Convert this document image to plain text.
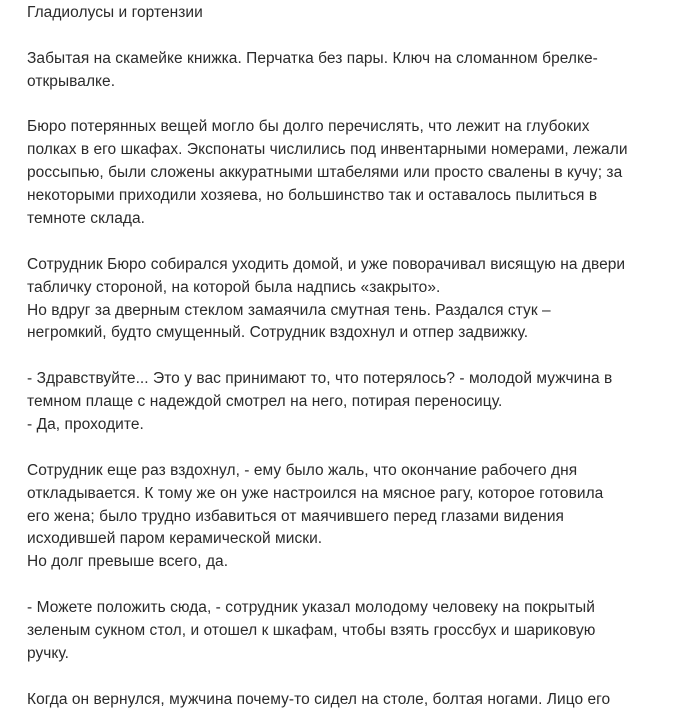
Гладиолусы и гортензии
Забытая на скамейке книжка. Перчатка без пары. Ключ на сломанном брелке-
открывалке.
Бюро потерянных вещей могло бы долго перечислять, что лежит на глубоких
полках в его шкафах. Экспонаты числились под инвентарными номерами, лежали
россыпью, были сложены аккуратными штабелями или просто свалены в кучу; за
некоторыми приходили хозяева, но большинство так и оставалось пылиться в
темноте склада.
Сотрудник Бюро собирался уходить домой, и уже поворачивал висящую на двери
табличку стороной, на которой была надпись «закрыто».
Но вдруг за дверным стеклом замаячила смутная тень. Раздался стук –
негромкий, будто смущенный. Сотрудник вздохнул и отпер задвижку.
- Здравствуйте... Это у вас принимают то, что потерялось? - молодой мужчина в
темном плаще с надеждой смотрел на него, потирая переносицу.
- Да, проходите.
Сотрудник еще раз вздохнул, - ему было жаль, что окончание рабочего дня
откладывается. К тому же он уже настроился на мясное рагу, которое готовила
его жена; было трудно избавиться от маячившего перед глазами видения
исходившей паром керамической миски.
Но долг превыше всего, да.
- Можете положить сюда, - сотрудник указал молодому человеку на покрытый
зеленым сукном стол, и отошел к шкафам, чтобы взять гроссбух и шариковую
ручку.
Когда он вернулся, мужчина почему-то сидел на столе, болтая ногами. Лицо его
